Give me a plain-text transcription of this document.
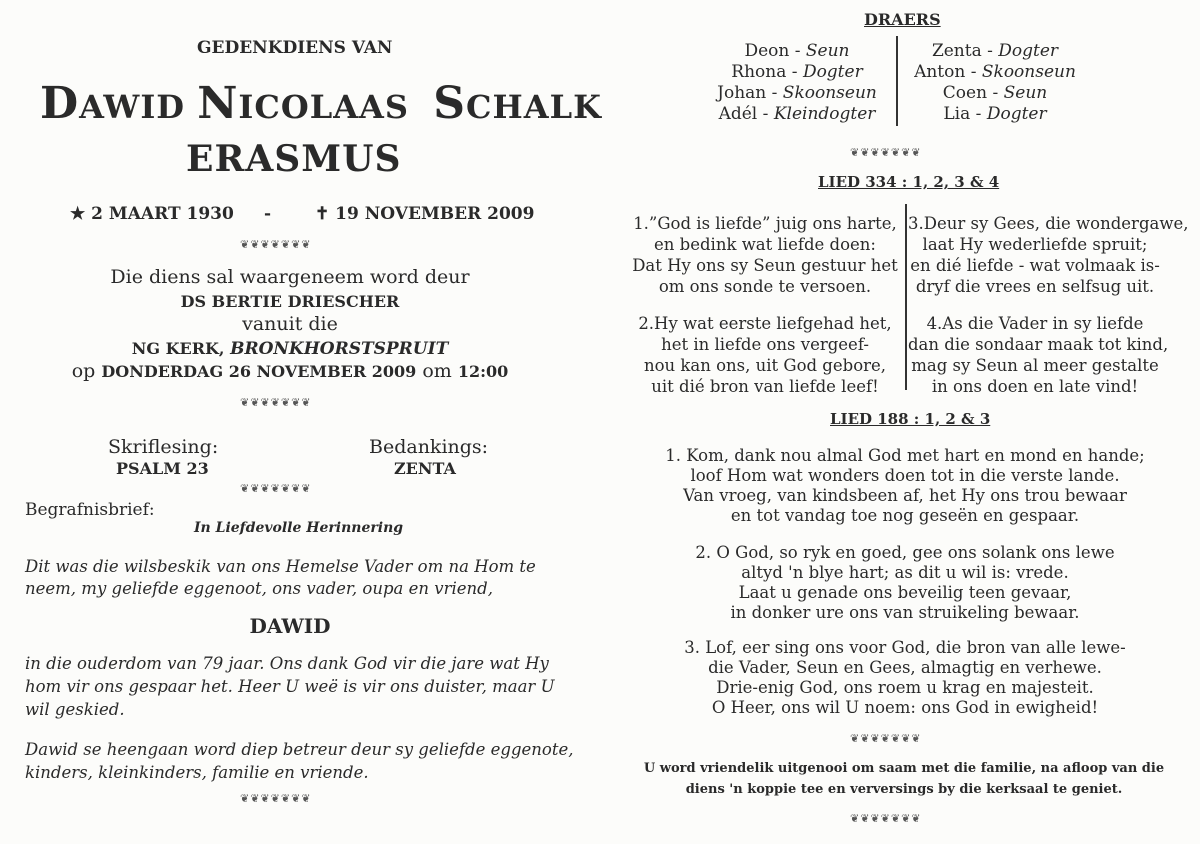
GEDENKDIENS VAN
DAWID NICOLAAS SCHALK
ERASMUS
★ 2 MAART 1930 -	✝ 19 NOVEMBER 2009
❦❦❦❦❦❦❦
Die diens sal waargeneem word deur
DS BERTIE DRIESCHER
vanuit die
NG KERK, BRONKHORSTSPRUIT
op DONDERDAG 26 NOVEMBER 2009 om 12:00
❦❦❦❦❦❦❦
Skriflesing:
PSALM 23
Bedankings:
ZENTA
❦❦❦❦❦❦❦
Begrafnisbrief:
In Liefdevolle Herinnering
Dit was die wilsbeskik van ons Hemelse Vader om na Hom te
neem, my geliefde eggenoot, ons vader, oupa en vriend,
DAWID
in die ouderdom van 79 jaar. Ons dank God vir die jare wat Hy
hom vir ons gespaar het. Heer U weë is vir ons duister, maar U
wil geskied.
Dawid se heengaan word diep betreur deur sy geliefde eggenote,
kinders, kleinkinders, familie en vriende.
❦❦❦❦❦❦❦
DRAERS
Deon - Seun
Rhona - Dogter
Johan - Skoonseun
Adél - Kleindogter
Zenta - Dogter
Anton - Skoonseun
Coen - Seun
Lia - Dogter
❦❦❦❦❦❦❦
LIED 334 : 1, 2, 3 & 4
1.”God is liefde” juig ons harte,
en bedink wat liefde doen:
Dat Hy ons sy Seun gestuur het
om ons sonde te versoen.
2.Hy wat eerste liefgehad het,
het in liefde ons vergeef-
nou kan ons, uit God gebore,
uit dié bron van liefde leef!
3.Deur sy Gees, die wondergawe,
laat Hy wederliefde spruit;
en dié liefde - wat volmaak is-
dryf die vrees en selfsug uit.
4.As die Vader in sy liefde
dan die sondaar maak tot kind,
mag sy Seun al meer gestalte
in ons doen en late vind!
LIED 188 : 1, 2 & 3
1. Kom, dank nou almal God met hart en mond en hande;
loof Hom wat wonders doen tot in die verste lande.
Van vroeg, van kindsbeen af, het Hy ons trou bewaar
en tot vandag toe nog geseën en gespaar.
2. O God, so ryk en goed, gee ons solank ons lewe
altyd 'n blye hart; as dit u wil is: vrede.
Laat u genade ons beveilig teen gevaar,
in donker ure ons van struikeling bewaar.
3. Lof, eer sing ons voor God, die bron van alle lewe-
die Vader, Seun en Gees, almagtig en verhewe.
Drie-enig God, ons roem u krag en majesteit.
O Heer, ons wil U noem: ons God in ewigheid!
❦❦❦❦❦❦❦
U word vriendelik uitgenooi om saam met die familie, na afloop van die
diens 'n koppie tee en verversings by die kerksaal te geniet.
❦❦❦❦❦❦❦
